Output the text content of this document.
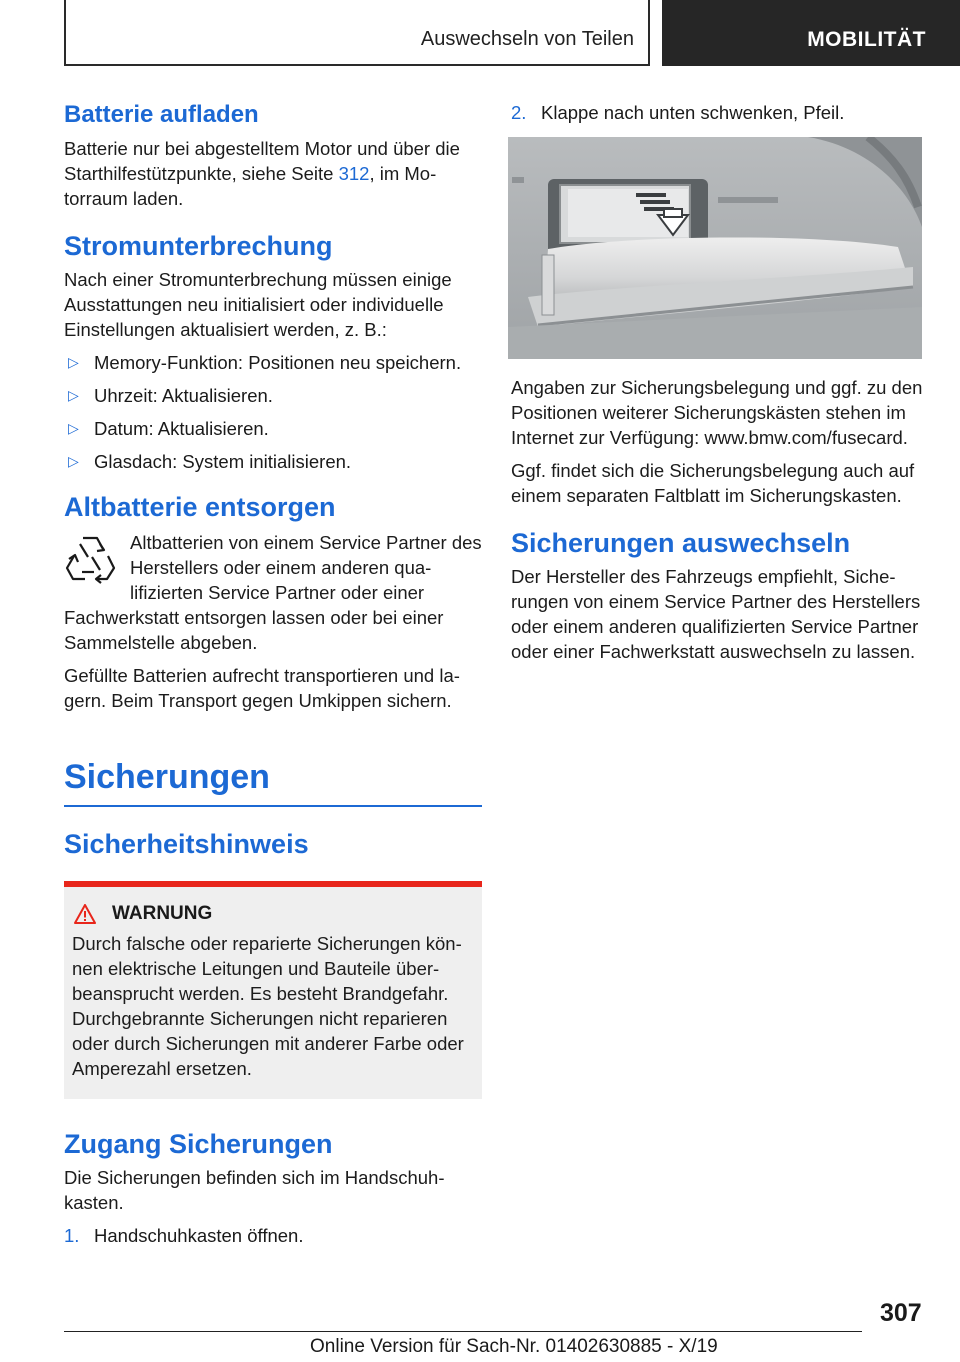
Auswechseln von Teilen	MOBILITÄT
Batterie aufladen

Batterie nur bei abgestelltem Motor und über die Starthilfestützpunkte, siehe Seite 312, im Motorraum laden.

Stromunterbrechung

Nach einer Stromunterbrechung müssen einige Ausstattungen neu initialisiert oder individuelle Einstellungen aktualisiert werden, z. B.:

▷ Memory-Funktion: Positionen neu speichern.
▷ Uhrzeit: Aktualisieren.
▷ Datum: Aktualisieren.
▷ Glasdach: System initialisieren.
Altbatterie entsorgen

Altbatterien von einem Service Partner des Herstellers oder einem anderen qualifizierten Service Partner oder einer Fachwerkstatt entsorgen lassen oder bei einer Sammelstelle abgeben.

Gefüllte Batterien aufrecht transportieren und lagern. Beim Transport gegen Umkippen sichern.

Sicherungen
Sicherheitshinweis
WARNUNG

Durch falsche oder reparierte Sicherungen können elektrische Leitungen und Bauteile überbeansprucht werden. Es besteht Brandgefahr. Durchgebrannte Sicherungen nicht reparieren oder durch Sicherungen mit anderer Farbe oder Amperezahl ersetzen.

Zugang Sicherungen

Die Sicherungen befinden sich im Handschuhkasten.

1. Handschuhkasten öffnen.
2. Klappe nach unten schwenken, Pfeil.

Angaben zur Sicherungsbelegung und ggf. zu den Positionen weiterer Sicherungskästen stehen im Internet zur Verfügung: www.bmw.com/fusecard.

Ggf. findet sich die Sicherungsbelegung auch auf einem separaten Faltblatt im Sicherungskasten.

Sicherungen auswechseln

Der Hersteller des Fahrzeugs empfiehlt, Sicherungen von einem Service Partner des Herstellers oder einem anderen qualifizierten Service Partner oder einer Fachwerkstatt auswechseln zu lassen.

307
Online Version für Sach-Nr. 01402630885 - X/19
